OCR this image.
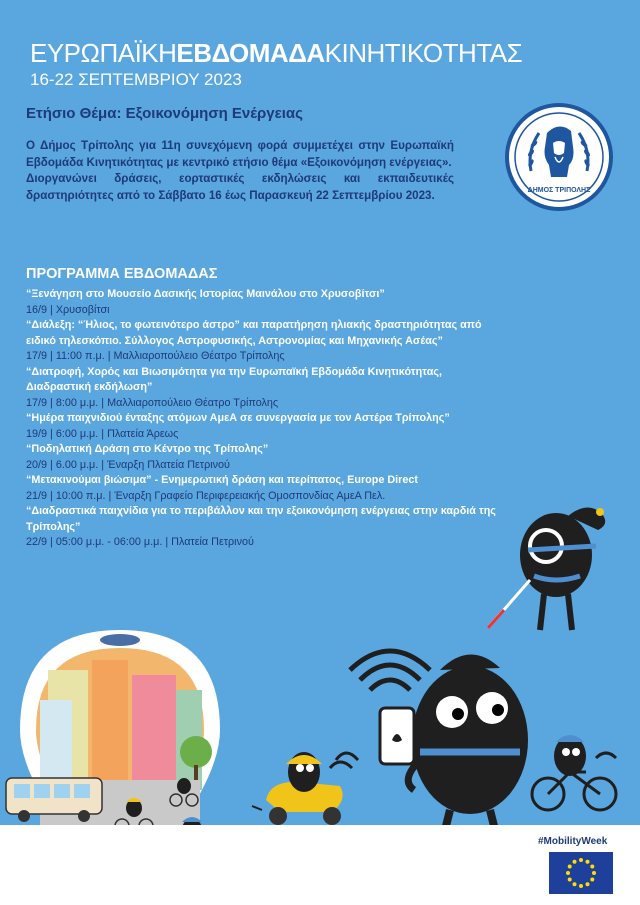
ΕΥΡΩΠΑΪΚΗΕΒΔΟΜΑΔΑΚΙΝΗΤΙΚΟΤΗΤΑΣ
16-22 ΣΕΠΤΕΜΒΡΙΟΥ 2023
Ετήσιο Θέμα: Εξοικονόμηση Ενέργειας

Ο Δήμος Τρίπολης για 11η συνεχόμενη φορά συμμετέχει στην Ευρωπαϊκή Εβδομάδα Κινητικότητας με κεντρικό ετήσιο θέμα «Εξοικονόμηση ενέργειας».

Διοργανώνει δράσεις, εορταστικές εκδηλώσεις και εκπαιδευτικές δραστηριότητες από το Σάββατο 16 έως Παρασκευή 22 Σεπτεμβρίου 2023.	ΔΗΜΟΣ ΤΡΙΠΟΛΗΣ
ΠΡΟΓΡΑΜΜΑ ΕΒΔΟΜΑΔΑΣ
“Ξενάγηση στο Μουσείο Δασικής Ιστορίας Μαινάλου στο Χρυσοβίτσι”
16/9 | Χρυσοβίτσι
“Διάλεξη: “Ήλιος, το φωτεινότερο άστρο” και παρατήρηση ηλιακής δραστηριότητας από ειδικό τηλεσκόπιο. Σύλλογος Αστροφυσικής, Αστρονομίας και Μηχανικής Ασέας”
17/9 | 11:00 π.μ. | Μαλλιαροπούλειο Θέατρο Τρίπολης
“Διατροφή, Χορός και Βιωσιμότητα για την Ευρωπαϊκή Εβδομάδα Κινητικότητας, Διαδραστική εκδήλωση”
17/9 | 8:00 μ.μ. | Μαλλιαροπούλειο Θέατρο Τρίπολης
“Ημέρα παιχνιδιού ένταξης ατόμων ΑμεΑ σε συνεργασία με τον Αστέρα Τρίπολης”
19/9 | 6:00 μ.μ. | Πλατεία Άρεως
“Ποδηλατική Δράση στο Κέντρο της Τρίπολης”
20/9 | 6.00 μ.μ. | Έναρξη Πλατεία Πετρινού
“Μετακινούμαι βιώσιμα” - Ενημερωτική δράση και περίπατος, Europe Direct
21/9 | 10:00 π.μ. | Έναρξη Γραφείο Περιφερειακής Ομοσπονδίας ΑμεΑ Πελ.
“Διαδραστικά παιχνίδια για το περιβάλλον και την εξοικονόμηση ενέργειας στην καρδιά της Τρίπολης”
22/9 | 05:00 μ.μ. - 06:00 μ.μ. | Πλατεία Πετρινού
#MobilityWeek
